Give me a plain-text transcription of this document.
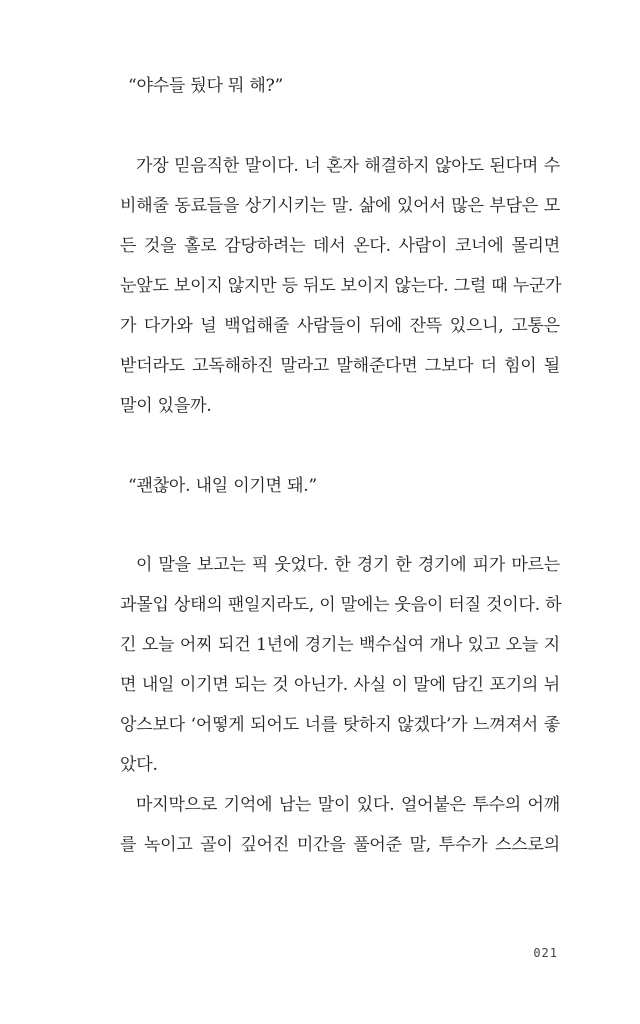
“야수들 뒀다 뭐 해?”
가장 믿음직한 말이다. 너 혼자 해결하지 않아도 된다며 수
비해줄 동료들을 상기시키는 말. 삶에 있어서 많은 부담은 모
든 것을 홀로 감당하려는 데서 온다. 사람이 코너에 몰리면
눈앞도 보이지 않지만 등 뒤도 보이지 않는다. 그럴 때 누군가
가 다가와 널 백업해줄 사람들이 뒤에 잔뜩 있으니, 고통은
받더라도 고독해하진 말라고 말해준다면 그보다 더 힘이 될
말이 있을까.
“괜찮아. 내일 이기면 돼.”
이 말을 보고는 픽 웃었다. 한 경기 한 경기에 피가 마르는
과몰입 상태의 팬일지라도, 이 말에는 웃음이 터질 것이다. 하
긴 오늘 어찌 되건 1년에 경기는 백수십여 개나 있고 오늘 지
면 내일 이기면 되는 것 아닌가. 사실 이 말에 담긴 포기의 뉘
앙스보다 ‘어떻게 되어도 너를 탓하지 않겠다’가 느껴져서 좋
았다.
마지막으로 기억에 남는 말이 있다. 얼어붙은 투수의 어깨
를 녹이고 골이 깊어진 미간을 풀어준 말, 투수가 스스로의
021
